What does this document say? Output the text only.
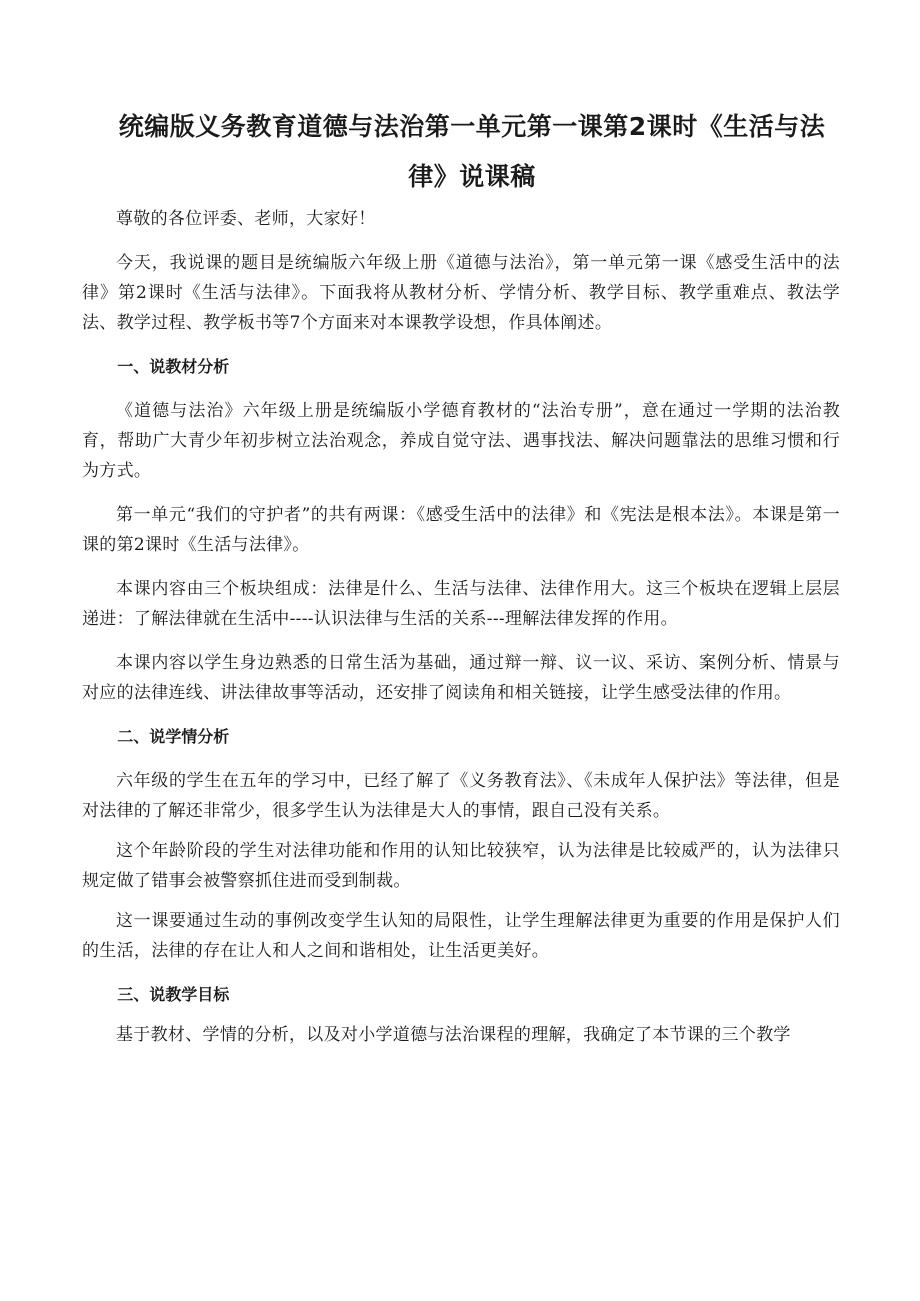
统编版义务教育道德与法治第一单元第一课第2课时《生活与法律》说课稿

尊敬的各位评委、老师，大家好！

今天，我说课的题目是统编版六年级上册《道德与法治》，第一单元第一课《感受生活中的法律》第2课时《生活与法律》。下面我将从教材分析、学情分析、教学目标、教学重难点、教法学法、教学过程、教学板书等7个方面来对本课教学设想，作具体阐述。

一、说教材分析

《道德与法治》六年级上册是统编版小学德育教材的“法治专册”，意在通过一学期的法治教育，帮助广大青少年初步树立法治观念，养成自觉守法、遇事找法、解决问题靠法的思维习惯和行为方式。

第一单元“我们的守护者”的共有两课：《感受生活中的法律》和《宪法是根本法》。本课是第一课的第2课时《生活与法律》。

本课内容由三个板块组成：法律是什么、生活与法律、法律作用大。这三个板块在逻辑上层层递进：了解法律就在生活中----认识法律与生活的关系---理解法律发挥的作用。

本课内容以学生身边熟悉的日常生活为基础，通过辩一辩、议一议、采访、案例分析、情景与对应的法律连线、讲法律故事等活动，还安排了阅读角和相关链接，让学生感受法律的作用。

二、说学情分析

六年级的学生在五年的学习中，已经了解了《义务教育法》、《未成年人保护法》等法律，但是对法律的了解还非常少，很多学生认为法律是大人的事情，跟自己没有关系。

这个年龄阶段的学生对法律功能和作用的认知比较狭窄，认为法律是比较威严的，认为法律只规定做了错事会被警察抓住进而受到制裁。

这一课要通过生动的事例改变学生认知的局限性，让学生理解法律更为重要的作用是保护人们的生活，法律的存在让人和人之间和谐相处，让生活更美好。

三、说教学目标

基于教材、学情的分析，以及对小学道德与法治课程的理解，我确定了本节课的三个教学
